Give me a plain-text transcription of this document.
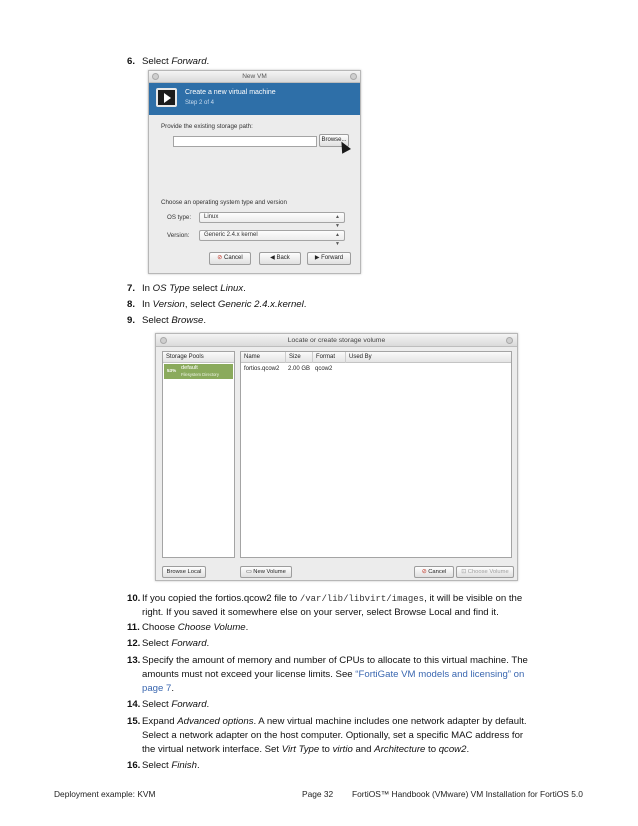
6. Select Forward.
New VM
Create a new virtual machine
Step 2 of 4
Provide the existing storage path:
Browse...
Choose an operating system type and version
OS type:	Linux	▲
▼
Version:	Generic 2.4.x kernel	▲
▼
⊘ Cancel	◀ Back	▶ Forward
7. In OS Type select Linux.
8. In Version, select Generic 2.4.x.kernel.
9. Select Browse.
Locate or create storage volume
Storage Pools
53% default
Filesystem Directory
Name	Size	Format	Used By
fortios.qcow2	2.00 GB qcow2
Browse Local	▭ New Volume	⊘ Cancel	⊡ Choose Volume
10. If you copied the fortios.qcow2 file to /var/lib/libvirt/images, it will be visible on the
right. If you saved it somewhere else on your server, select Browse Local and find it.
11. Choose Choose Volume.
12. Select Forward.
13. Specify the amount of memory and number of CPUs to allocate to this virtual machine. The
amounts must not exceed your license limits. See “FortiGate VM models and licensing” on
page 7.
14. Select Forward.
15. Expand Advanced options. A new virtual machine includes one network adapter by default.
Select a network adapter on the host computer. Optionally, set a specific MAC address for
the virtual network interface. Set Virt Type to virtio and Architecture to qcow2.
16. Select Finish.
Deployment example: KVM	Page 32 FortiOS™ Handbook (VMware) VM Installation for FortiOS 5.0
